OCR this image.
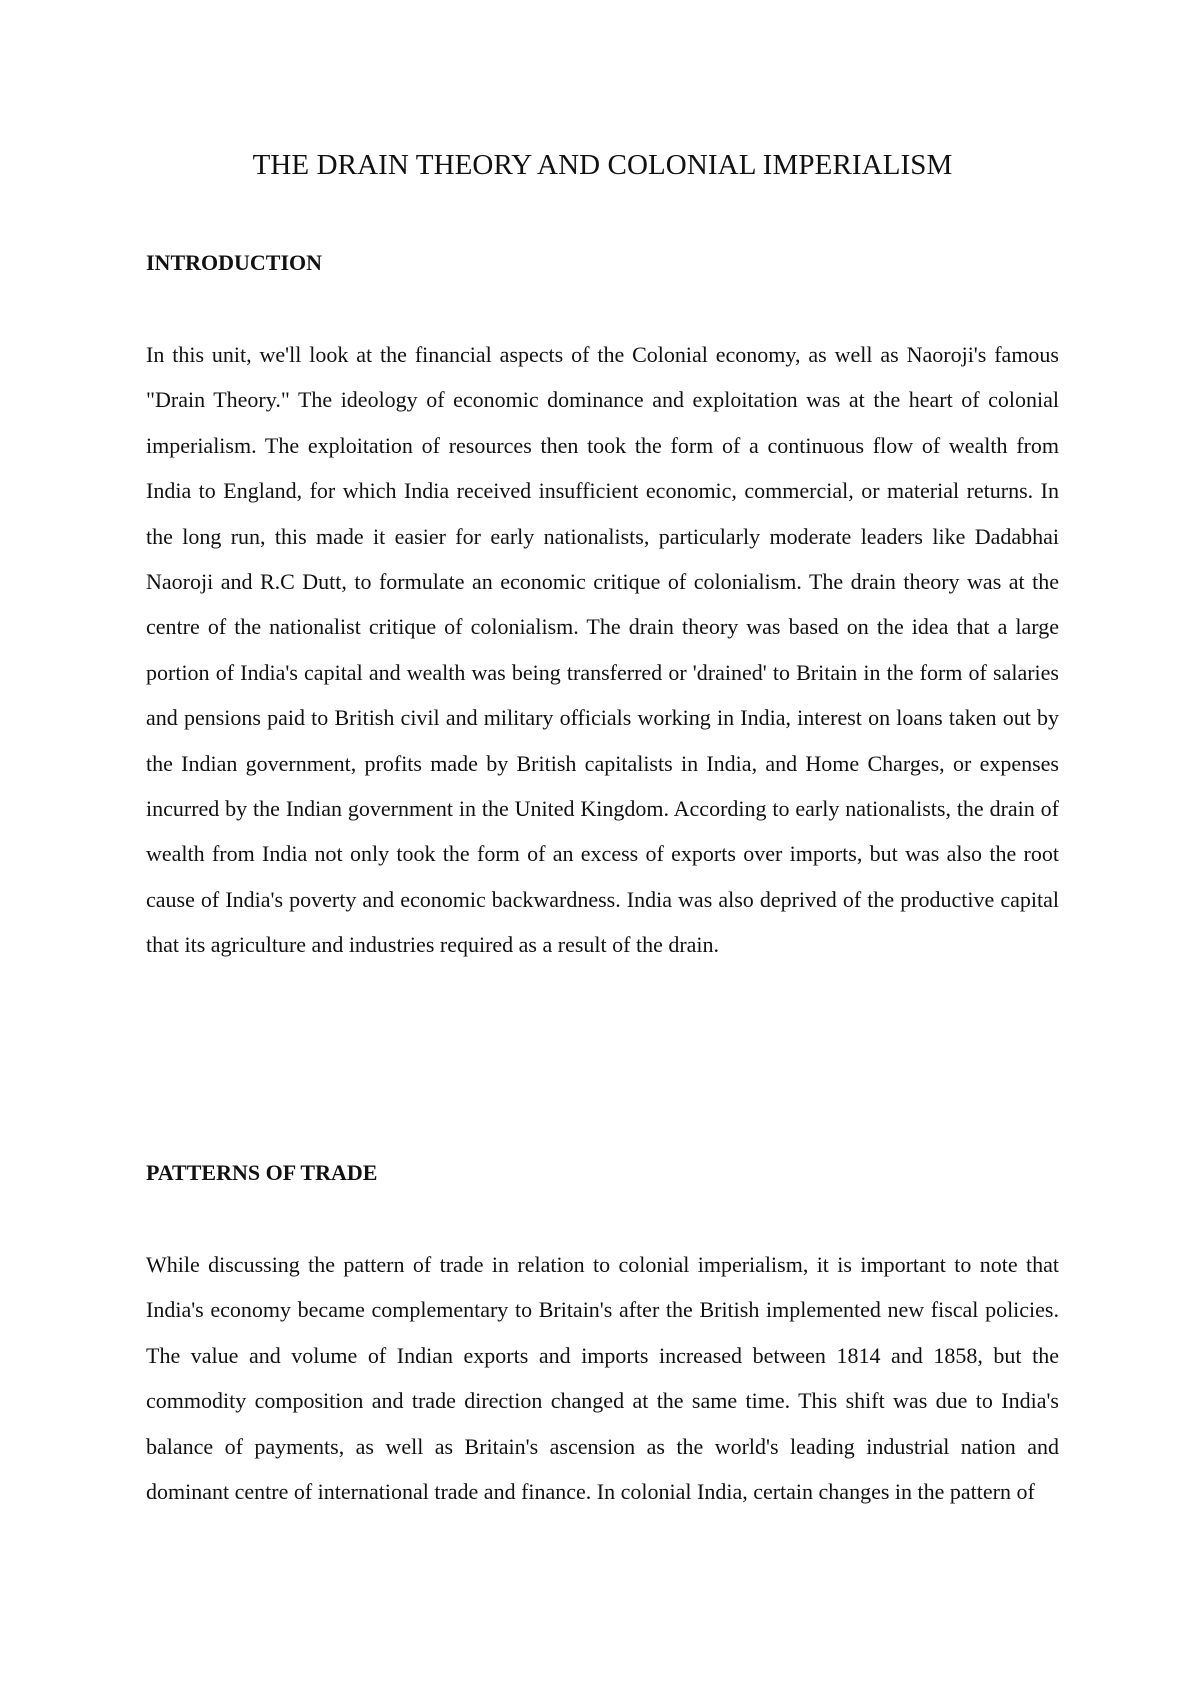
THE DRAIN THEORY AND COLONIAL IMPERIALISM
INTRODUCTION

In this unit, we'll look at the financial aspects of the Colonial economy, as well as Naoroji's famous "Drain Theory." The ideology of economic dominance and exploitation was at the heart of colonial imperialism. The exploitation of resources then took the form of a continuous flow of wealth from India to England, for which India received insufficient economic, commercial, or material returns. In the long run, this made it easier for early nationalists, particularly moderate leaders like Dadabhai Naoroji and R.C Dutt, to formulate an economic critique of colonialism. The drain theory was at the centre of the nationalist critique of colonialism. The drain theory was based on the idea that a large portion of India's capital and wealth was being transferred or 'drained' to Britain in the form of salaries and pensions paid to British civil and military officials working in India, interest on loans taken out by the Indian government, profits made by British capitalists in India, and Home Charges, or expenses incurred by the Indian government in the United Kingdom. According to early nationalists, the drain of wealth from India not only took the form of an excess of exports over imports, but was also the root cause of India's poverty and economic backwardness. India was also deprived of the productive capital that its agriculture and industries required as a result of the drain.

PATTERNS OF TRADE

While discussing the pattern of trade in relation to colonial imperialism, it is important to note that India's economy became complementary to Britain's after the British implemented new fiscal policies. The value and volume of Indian exports and imports increased between 1814 and 1858, but the commodity composition and trade direction changed at the same time. This shift was due to India's balance of payments, as well as Britain's ascension as the world's leading industrial nation and dominant centre of international trade and finance. In colonial India, certain changes in the pattern of
